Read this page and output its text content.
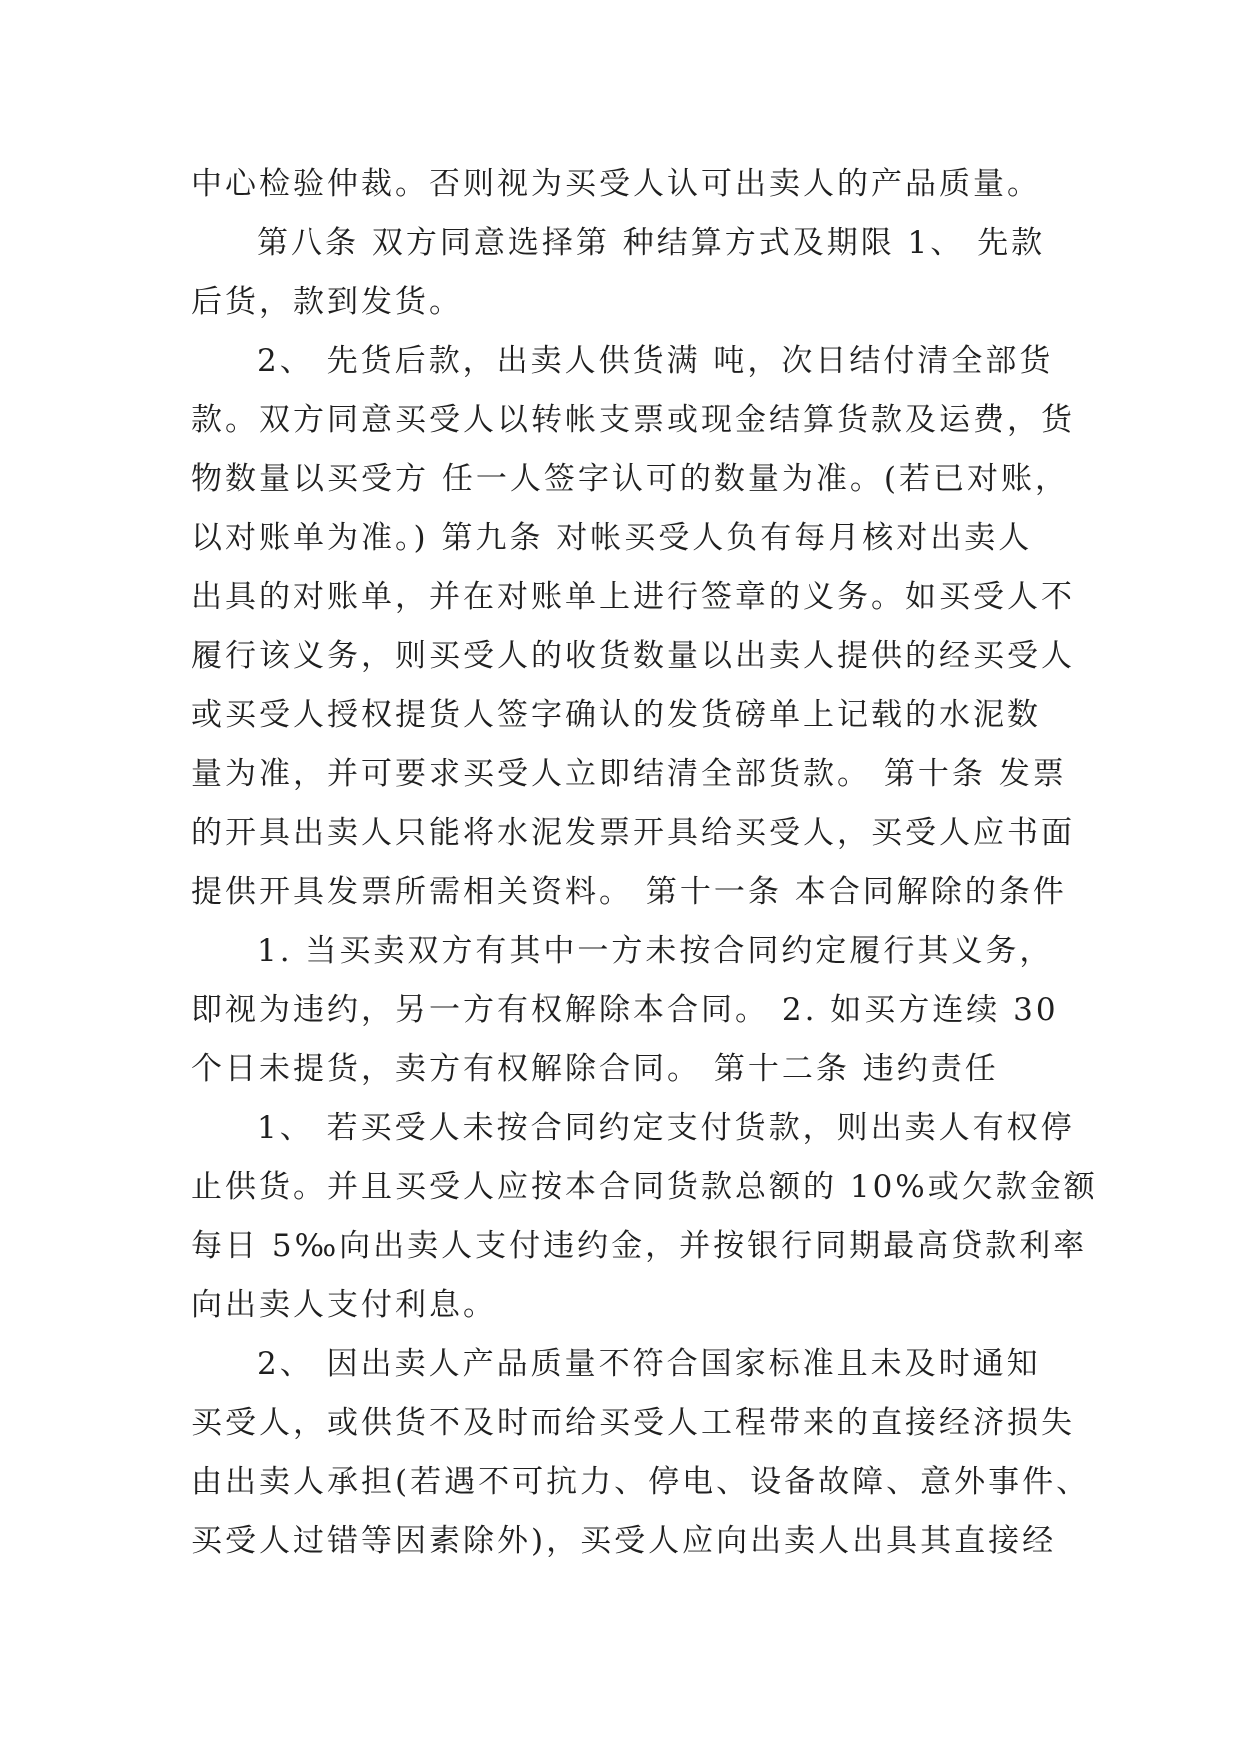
中心检验仲裁。否则视为买受人认可出卖人的产品质量。
第八条 双方同意选择第 种结算方式及期限 1、 先款
后货，款到发货。
2、 先货后款，出卖人供货满 吨，次日结付清全部货
款。双方同意买受人以转帐支票或现金结算货款及运费，货
物数量以买受方 任一人签字认可的数量为准。(若已对账，
以对账单为准。) 第九条 对帐买受人负有每月核对出卖人
出具的对账单，并在对账单上进行签章的义务。如买受人不
履行该义务，则买受人的收货数量以出卖人提供的经买受人
或买受人授权提货人签字确认的发货磅单上记载的水泥数
量为准，并可要求买受人立即结清全部货款。 第十条 发票
的开具出卖人只能将水泥发票开具给买受人，买受人应书面
提供开具发票所需相关资料。 第十一条 本合同解除的条件
1. 当买卖双方有其中一方未按合同约定履行其义务，
即视为违约，另一方有权解除本合同。 2. 如买方连续 30
个日未提货，卖方有权解除合同。 第十二条 违约责任
1、 若买受人未按合同约定支付货款，则出卖人有权停
止供货。并且买受人应按本合同货款总额的 10%或欠款金额
每日 5‰向出卖人支付违约金，并按银行同期最高贷款利率
向出卖人支付利息。
2、 因出卖人产品质量不符合国家标准且未及时通知
买受人，或供货不及时而给买受人工程带来的直接经济损失
由出卖人承担(若遇不可抗力、停电、设备故障、意外事件、
买受人过错等因素除外)，买受人应向出卖人出具其直接经
